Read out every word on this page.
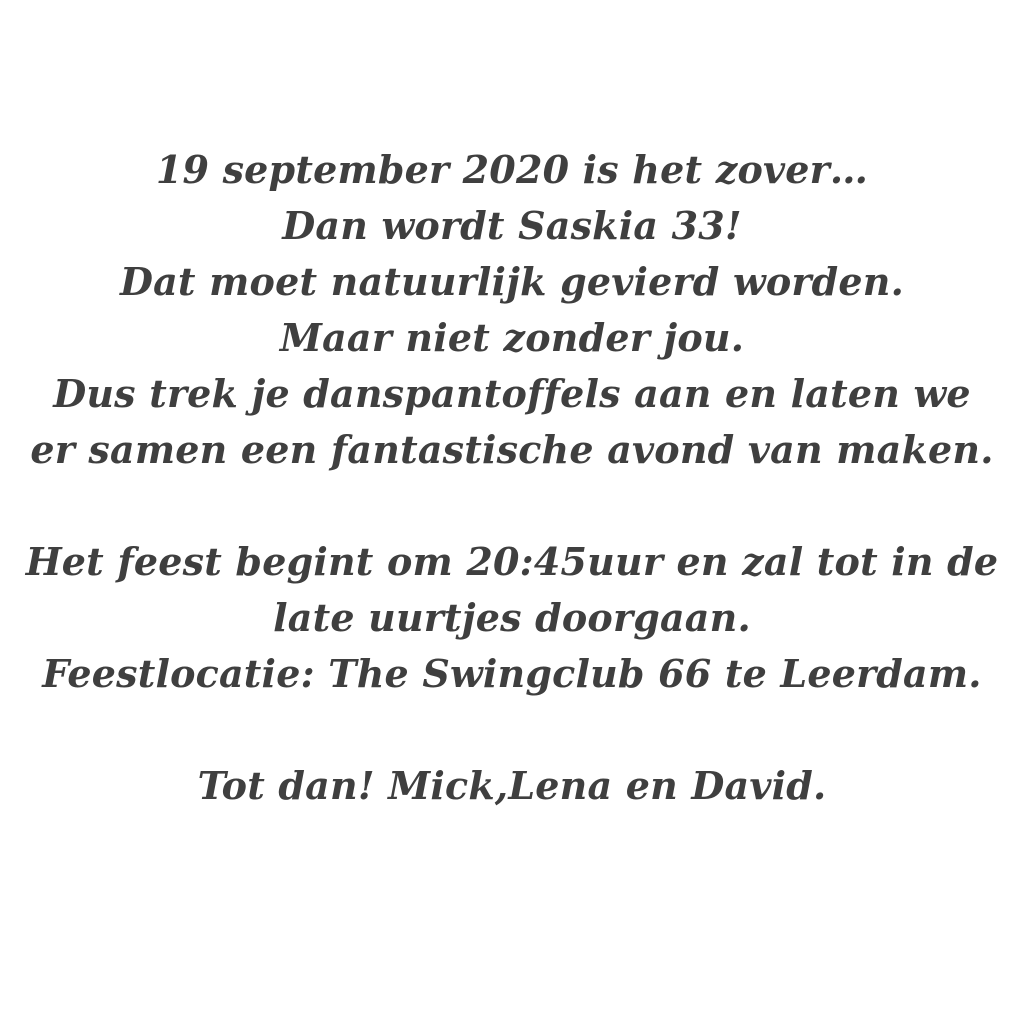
19 september 2020 is het zover…
Dan wordt Saskia 33!
Dat moet natuurlijk gevierd worden.
Maar niet zonder jou.
Dus trek je danspantoffels aan en laten we
er samen een fantastische avond van maken.
Het feest begint om 20:45uur en zal tot in de
late uurtjes doorgaan.
Feestlocatie: The Swingclub 66 te Leerdam.
Tot dan! Mick,Lena en David.
